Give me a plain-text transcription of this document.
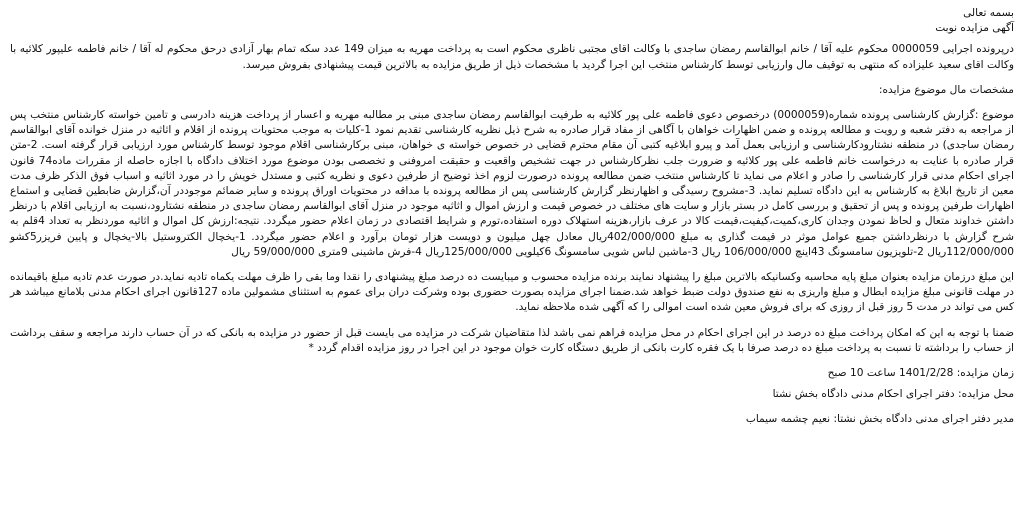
بسمه تعالی

آگهی مزایده نوبت

درپرونده اجرایی 0000059 محکوم علیه آقا / خانم ابوالقاسم رمضان ساجدی با وکالت اقای مجتبی ناظری محکوم است به پرداخت مهریه به میزان 149 عدد سکه تمام بهار آزادی درحق محکوم له آقا / خانم فاطمه علیپور کلائیه با وکالت اقای سعید علیزاده که منتهی به توقیف مال وارزیابی توسط کارشناس منتخب این اجرا گردید با مشخصات ذیل از طریق مزایده به بالاترین قیمت پیشنهادی بفروش میرسد.

مشخصات مال موضوع مزایده:

موضوع :گزارش کارشناسی پرونده شماره(0000059) درخصوص دعوی فاطمه علی پور کلائیه به طرفیت ابوالقاسم رمضان ساجدی مبنی بر مطالبه مهریه و اعسار از پرداخت هزینه دادرسی و تامین خواسته کارشناس منتخب پس از مراجعه به دفتر شعبه و رویت و مطالعه پرونده و ضمن اظهارات خواهان با آگاهی از مفاد قرار صادره به شرح ذیل نظریه کارشناسی تقدیم نمود 1-کلیات به موجب محتویات پرونده از اقلام و اثاثیه در منزل خوانده آقای ابوالقاسم رمضان ساجدی) در منطقه نشتارودکارشناسی و ارزیابی بعمل آمد و پیرو ابلاغیه کتبی آن مقام محترم قضایی در خصوص خواسته ی خواهان، مبنی برکارشناسی اقلام موجود توسط کارشناس مورد ارزیابی قرار گرفته است. 2-متن قرار صادره با عنایت به درخواست خانم فاطمه علی پور کلائیه و ضرورت جلب نظرکارشناس در جهت تشخیص واقعیت و حقیقت امروفنی و تخصصی بودن موضوع مورد اختلاف دادگاه با اجازه حاصله از مقررات ماده74 قانون اجرای احکام مدنی قرار کارشناسی را صادر و اعلام می نماید تا کارشناس منتخب ضمن مطالعه پرونده درصورت لزوم اخذ توضیح از طرفین دعوی و نظریه کتبی و مستدل خویش را در مورد اثاثیه و اسباب فوق الذکر ظرف مدت معین از تاریخ ابلاغ به کارشناس به این دادگاه تسلیم نماید. 3-مشروح رسیدگی و اظهارنظر گزارش کارشناسی پس از مطالعه پرونده با مداقه در محتویات اوراق پرونده و سایر ضمائم موجوددر آن،گزارش ضابطین قضایی و استماع اظهارات طرفین پرونده و پس از تحقیق و بررسی کامل در بستر بازار و سایت های مختلف در خصوص قیمت و ارزش اموال و اثاثیه موجود در منزل آقای ابوالقاسم رمضان ساجدی در منطقه نشتارود،نسبت به ارزیابی اقلام با درنظر داشتن خداوند متعال و لحاظ نمودن وجدان کاری،کمیت،کیفیت،قیمت کالا در عرف بازار،هزینه استهلاک دوره استفاده،تورم و شرایط اقتصادی در زمان اعلام حضور میگردد. نتیجه:ارزش کل اموال و اثاثیه موردنظر به تعداد 4قلم به شرح گزارش با درنظرداشتن جمیع عوامل موثر در قیمت گذاری به مبلغ 402/000/000ریال معادل چهل میلیون و دویست هزار تومان برآورد و اعلام حضور میگردد. 1-یخچال الکتروستیل بالا-یخچال و پایین فریزر5کشو 112/000/000ریال 2-تلویزیون سامسونگ 43اینچ 106/000/000 ریال 3-ماشین لباس شویی سامسونگ 6کیلویی 125/000/000ریال 4-فرش ماشینی 9متری 59/000/000 ریال

این مبلغ درزمان مزایده بعنوان مبلغ پایه محاسبه وکسانیکه بالاترین مبلغ را پیشنهاد نمایند برنده مزایده محسوب و میبایست ده درصد مبلغ پیشنهادی را نقدا وما بقی را ظرف مهلت یکماه تادیه نماید.در صورت عدم تادیه مبلغ باقیمانده در مهلت قانونی مبلغ مزایده ابطال و مبلغ واریزی به نفع صندوق دولت ضبط خواهد شد.ضمنا اجرای مزایده بصورت حضوری بوده وشرکت دران برای عموم به استثنای مشمولین ماده 127قانون اجرای احکام مدنی بلامانع میباشد هر کس می تواند در مدت 5 روز قبل از روزی که برای فروش معین شده است اموالی را که آگهی شده ملاحظه نماید.

ضمنا با توجه به این که امکان پرداخت مبلغ ده درصد در این اجرای احکام در محل مزایده فراهم نمی باشد لذا متقاضیان شرکت در مزایده می بایست قبل از حضور در مزایده به بانکی که در آن حساب دارند مراجعه و سقف برداشت از حساب را برداشته تا نسبت به پرداخت مبلغ ده درصد صرفا با یک فقره کارت بانکی از طریق دستگاه کارت خوان موجود در این اجرا در روز مزایده اقدام گردد *

زمان مزایده: 1401/2/28 ساعت 10 صبح

محل مزایده: دفتر اجرای احکام مدنی دادگاه بخش نشتا

مدیر دفتر اجرای مدنی دادگاه بخش نشتا: نعیم چشمه سیماب
